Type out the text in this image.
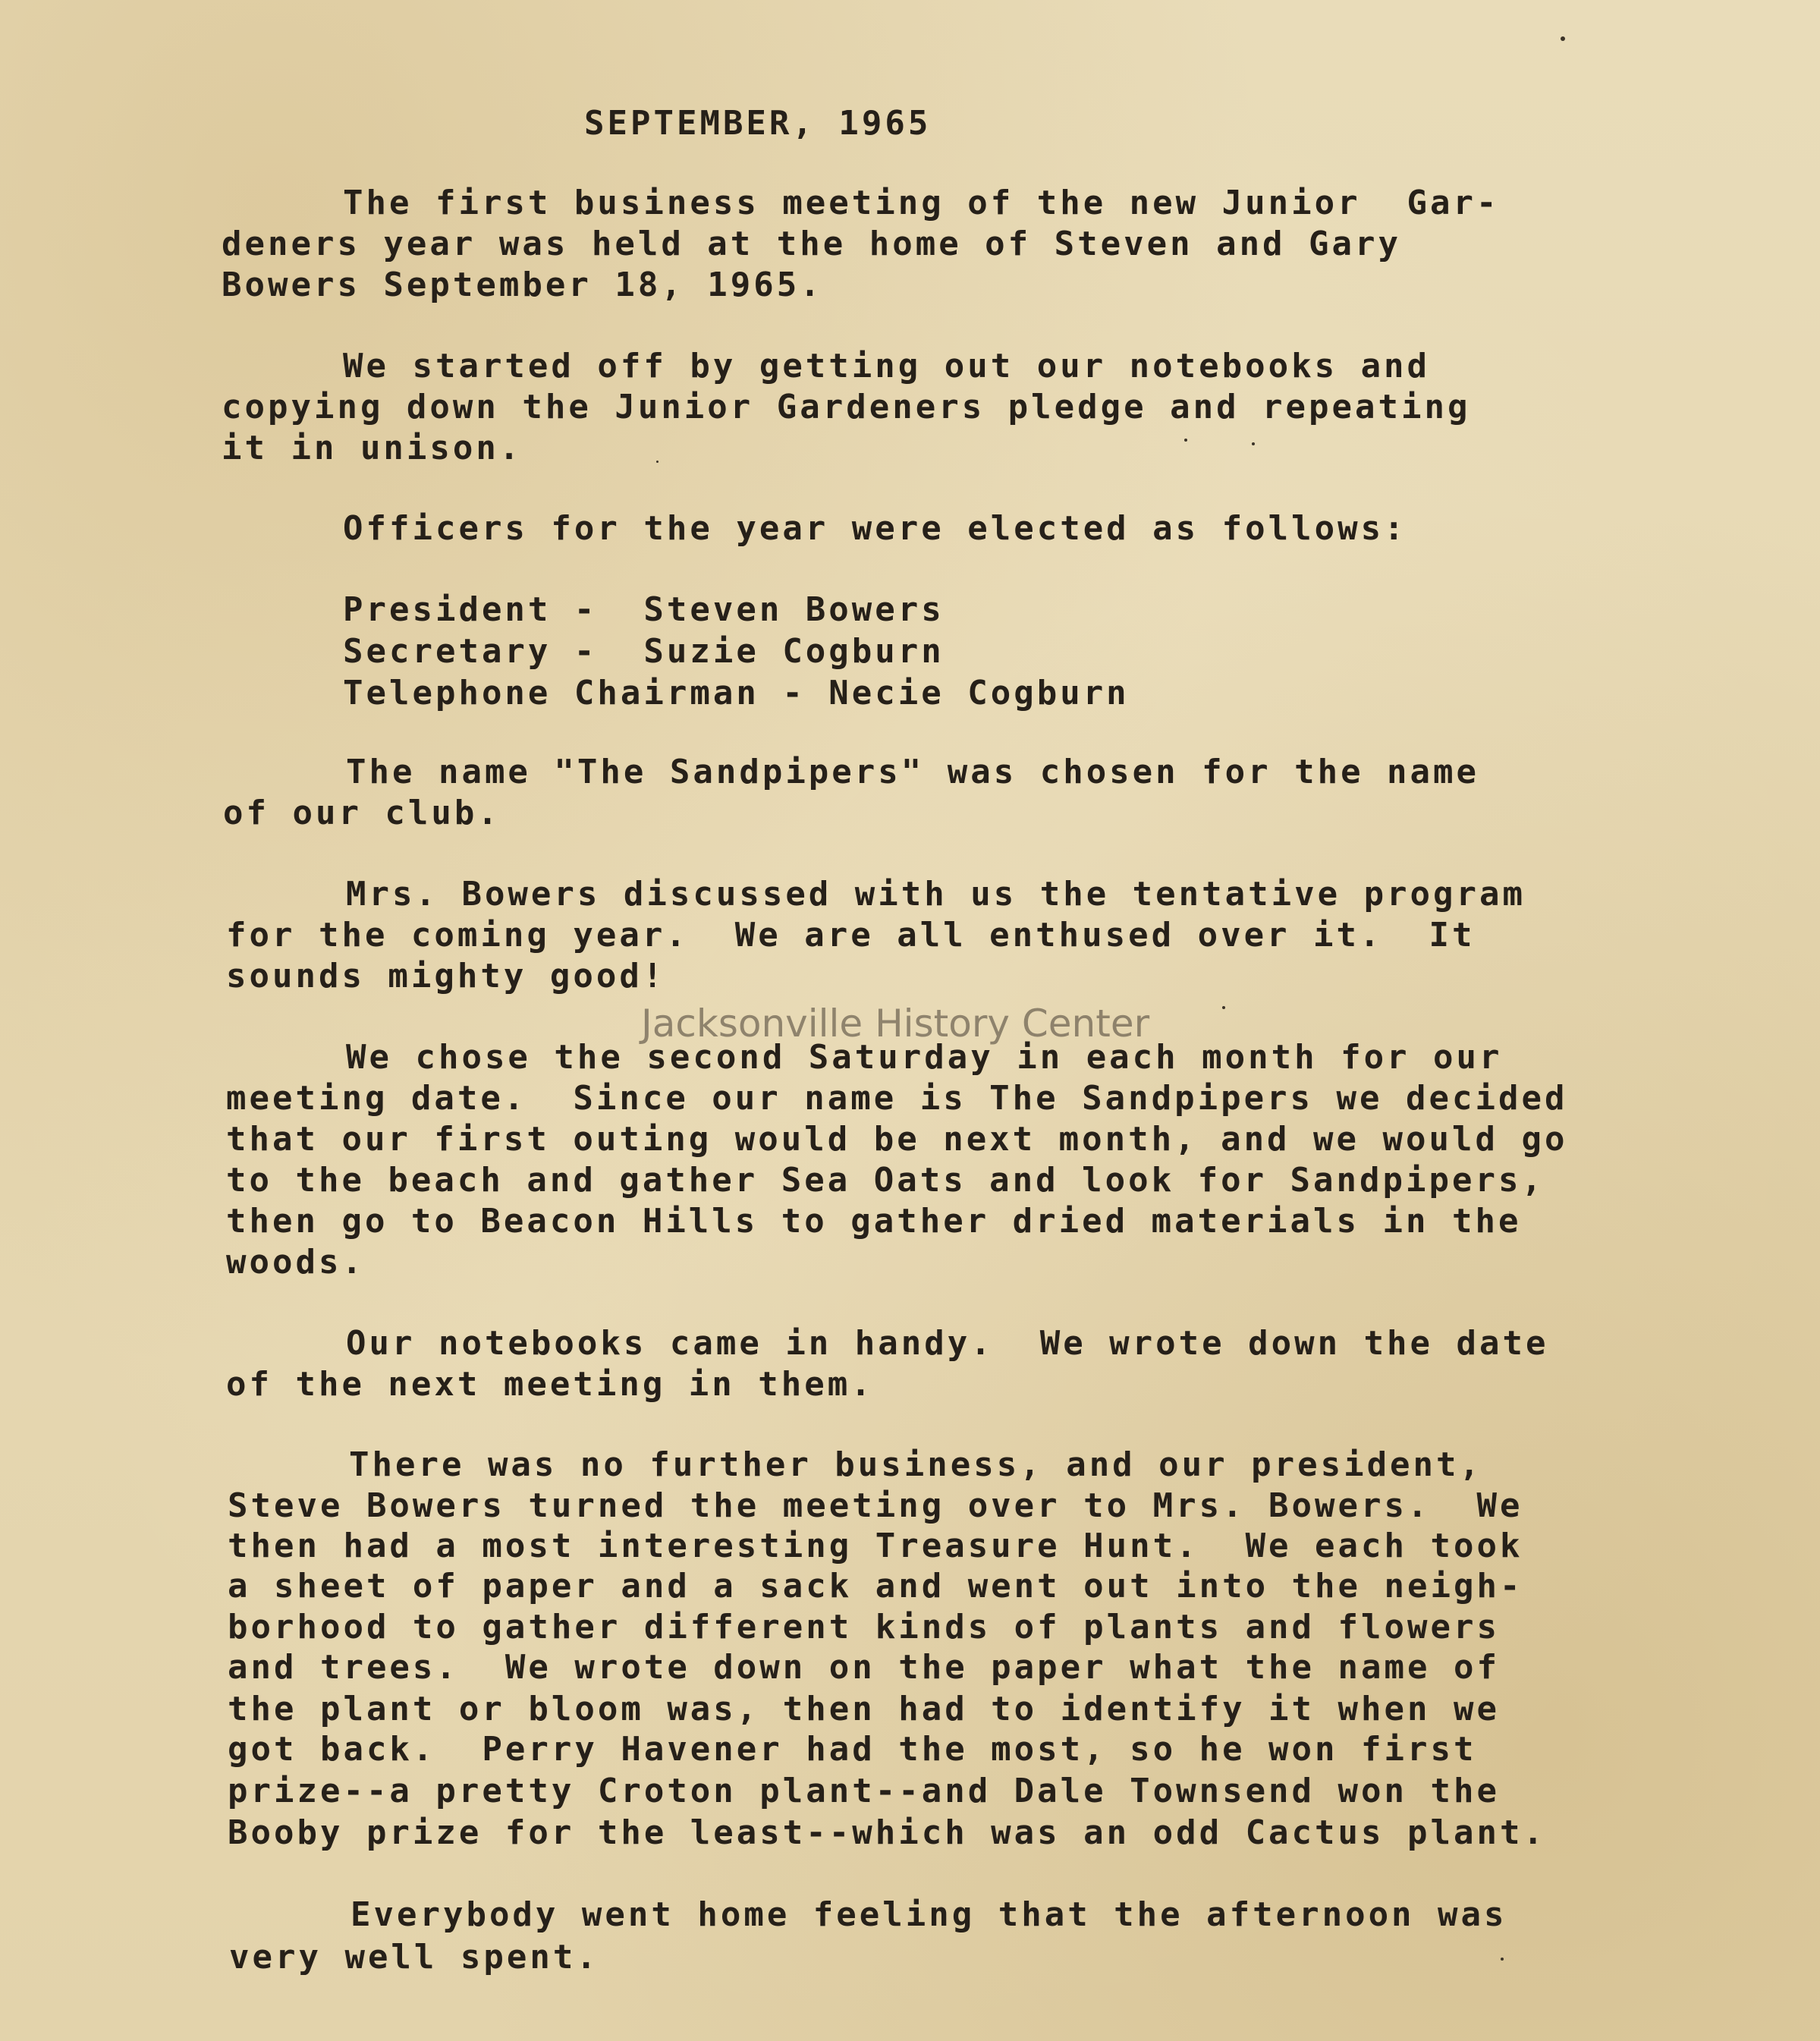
SEPTEMBER, 1965

The first business meeting of the new Junior  Gar-

deners year was held at the home of Steven and Gary

Bowers September 18, 1965.

We started off by getting out our notebooks and

copying down the Junior Gardeners pledge and repeating

it in unison.

Officers for the year were elected as follows:

President -  Steven Bowers

Secretary -  Suzie Cogburn

Telephone Chairman - Necie Cogburn

The name "The Sandpipers" was chosen for the name

of our club.

Mrs. Bowers discussed with us the tentative program

for the coming year.  We are all enthused over it.  It

sounds mighty good!

We chose the second Saturday in each month for our

meeting date.  Since our name is The Sandpipers we decided

that our first outing would be next month, and we would go

to the beach and gather Sea Oats and look for Sandpipers,

then go to Beacon Hills to gather dried materials in the

woods.

Our notebooks came in handy.  We wrote down the date

of the next meeting in them.

There was no further business, and our president,

Steve Bowers turned the meeting over to Mrs. Bowers.  We

then had a most interesting Treasure Hunt.  We each took

a sheet of paper and a sack and went out into the neigh-

borhood to gather different kinds of plants and flowers

and trees.  We wrote down on the paper what the name of

the plant or bloom was, then had to identify it when we

got back.  Perry Havener had the most, so he won first

prize--a pretty Croton plant--and Dale Townsend won the

Booby prize for the least--which was an odd Cactus plant.

Everybody went home feeling that the afternoon was

very well spent.

Jacksonville History Center
